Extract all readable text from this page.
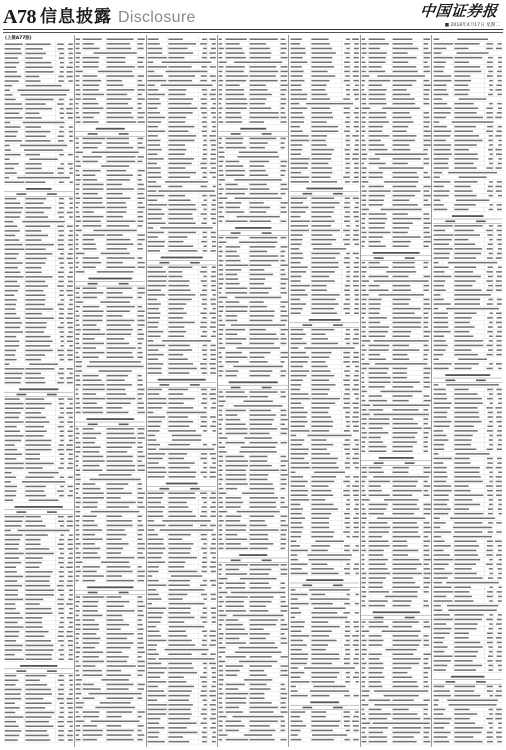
A78 信息披露 Disclosure	中国证券报
■ 2018年4月17日 星期二
(上接A77版)
